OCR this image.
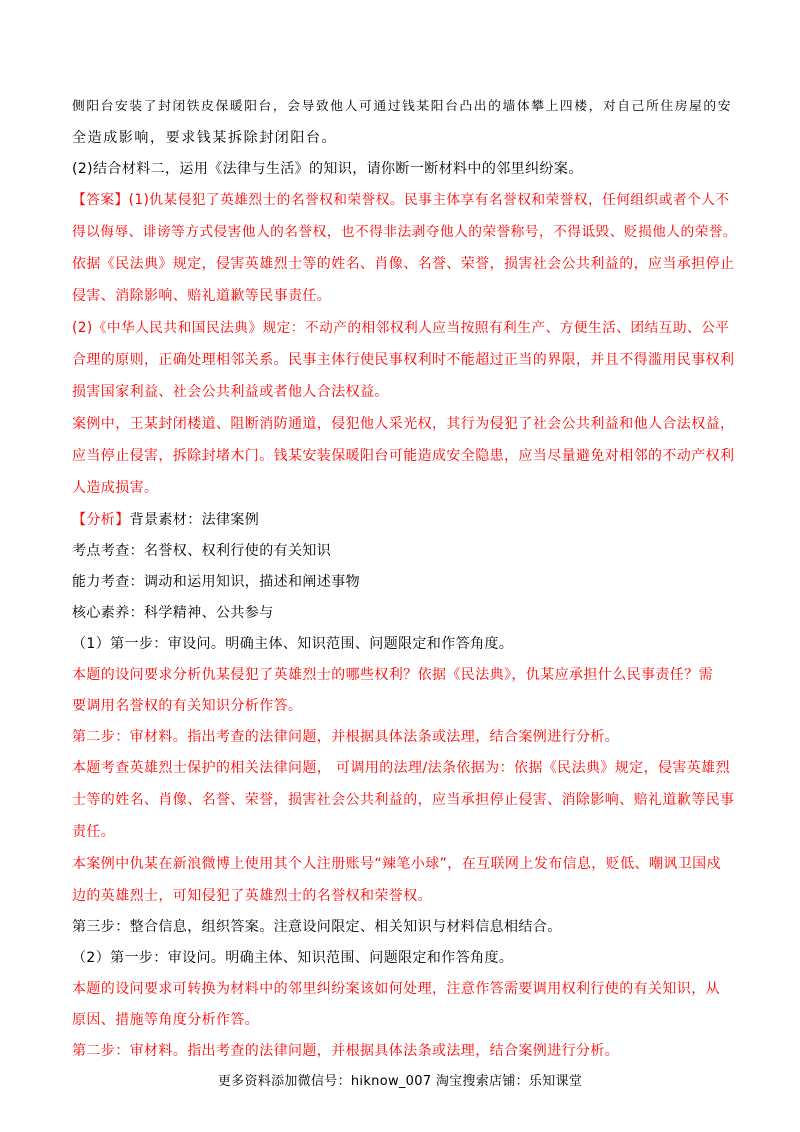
侧阳台安装了封闭铁皮保暖阳台，会导致他人可通过钱某阳台凸出的墙体攀上四楼，对自己所住房屋的安
全造成影响，要求钱某拆除封闭阳台。
(2)结合材料二，运用《法律与生活》的知识，请你断一断材料中的邻里纠纷案。
【答案】(1)仇某侵犯了英雄烈士的名誉权和荣誉权。民事主体享有名誉权和荣誉权，任何组织或者个人不
得以侮辱、诽谤等方式侵害他人的名誉权，也不得非法剥夺他人的荣誉称号，不得诋毁、贬损他人的荣誉。
依据《民法典》规定，侵害英雄烈士等的姓名、肖像、名誉、荣誉，损害社会公共利益的，应当承担停止
侵害、消除影响、赔礼道歉等民事责任。
(2)《中华人民共和国民法典》规定：不动产的相邻权利人应当按照有利生产、方便生活、团结互助、公平
合理的原则，正确处理相邻关系。民事主体行使民事权利时不能超过正当的界限，并且不得滥用民事权利
损害国家利益、社会公共利益或者他人合法权益。
案例中，王某封闭楼道、阻断消防通道，侵犯他人采光权，其行为侵犯了社会公共利益和他人合法权益，
应当停止侵害，拆除封堵木门。钱某安装保暖阳台可能造成安全隐患，应当尽量避免对相邻的不动产权利
人造成损害。
【分析】背景素材：法律案例
考点考查：名誉权、权利行使的有关知识
能力考查：调动和运用知识，描述和阐述事物
核心素养：科学精神、公共参与
（1）第一步：审设问。明确主体、知识范围、问题限定和作答角度。
本题的设问要求分析仇某侵犯了英雄烈士的哪些权利？依据《民法典》，仇某应承担什么民事责任？需
要调用名誉权的有关知识分析作答。
第二步：审材料。指出考查的法律问题，并根据具体法条或法理，结合案例进行分析。
本题考查英雄烈士保护的相关法律问题， 可调用的法理/法条依据为：依据《民法典》规定，侵害英雄烈
士等的姓名、肖像、名誉、荣誉，损害社会公共利益的，应当承担停止侵害、消除影响、赔礼道歉等民事
责任。
本案例中仇某在新浪微博上使用其个人注册账号“辣笔小球”，在互联网上发布信息，贬低、嘲讽卫国戍
边的英雄烈士，可知侵犯了英雄烈士的名誉权和荣誉权。
第三步：整合信息，组织答案。注意设问限定、相关知识与材料信息相结合。
（2）第一步：审设问。明确主体、知识范围、问题限定和作答角度。
本题的设问要求可转换为材料中的邻里纠纷案该如何处理，注意作答需要调用权利行使的有关知识，从
原因、措施等角度分析作答。
第二步：审材料。指出考查的法律问题，并根据具体法条或法理，结合案例进行分析。
更多资料添加微信号：hiknow_007 淘宝搜索店铺：乐知课堂
